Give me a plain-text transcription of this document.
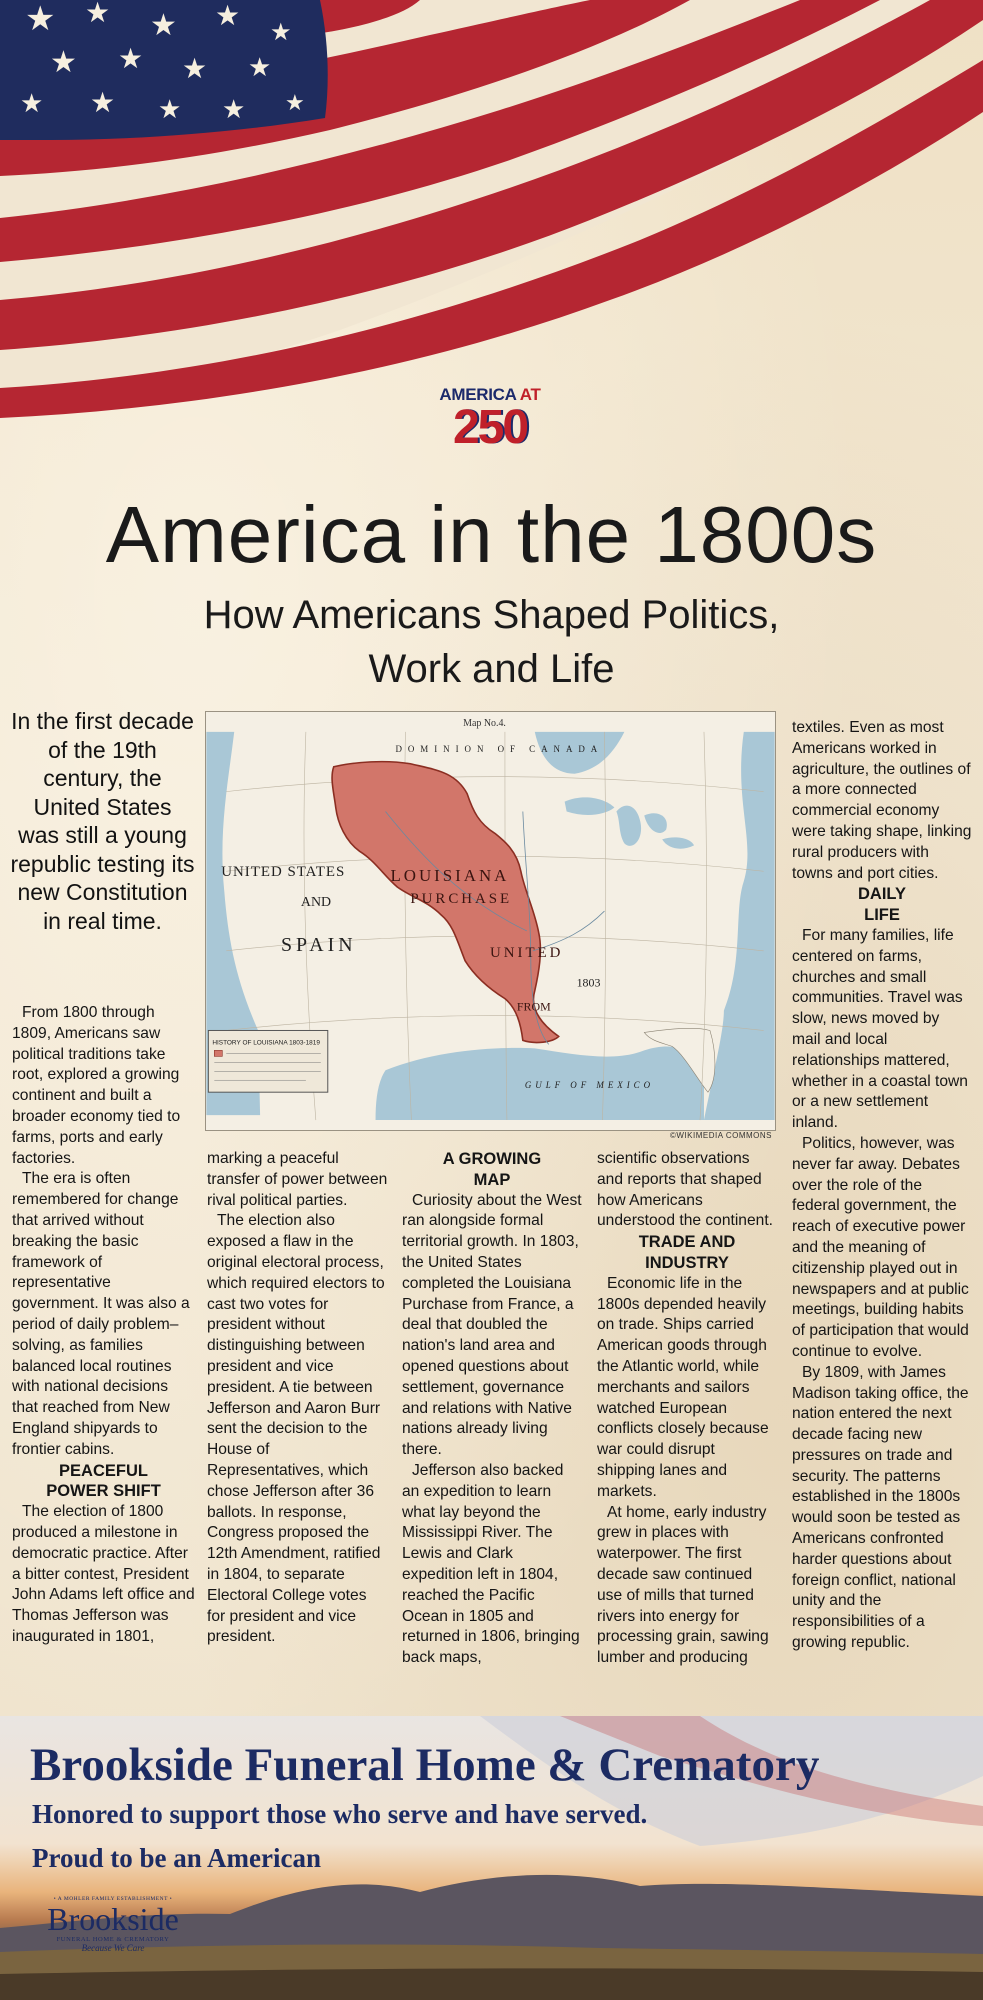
AMERICA AT
250
America in the 1800s
How Americans Shaped Politics,
Work and Life
In the first decade of the 19th century, the United States was still a young republic testing its new Constitution in real time.
Map No.4.
UNITED STATES
AND
SPAIN
LOUISIANA
PURCHASE
UNITED
FROM
1803
DOMINION OF CANADA
GULF OF MEXICO
HISTORY OF LOUISIANA 1803-1819
©WIKIMEDIA COMMONS

From 1800 through 1809, Americans saw political traditions take root, explored a growing continent and built a broader economy tied to farms, ports and early factories.

The era is often remembered for change that arrived without breaking the basic framework of representative government. It was also a period of daily problem–solving, as families balanced local routines with national decisions that reached from New England shipyards to frontier cabins.

PEACEFUL POWER SHIFT

The election of 1800 produced a milestone in democratic practice. After a bitter contest, President John Adams left office and Thomas Jefferson was inaugurated in 1801,

marking a peaceful transfer of power between rival political parties.

The election also exposed a flaw in the original electoral process, which required electors to cast two votes for president without distinguishing between president and vice president. A tie between Jefferson and Aaron Burr sent the decision to the House of Representatives, which chose Jefferson after 36 ballots. In response, Congress proposed the 12th Amendment, ratified in 1804, to separate Electoral College votes for president and vice president.

A GROWING MAP

Curiosity about the West ran alongside formal territorial growth. In 1803, the United States completed the Louisiana Purchase from France, a deal that doubled the nation's land area and opened questions about settlement, governance and relations with Native nations already living there.

Jefferson also backed an expedition to learn what lay beyond the Mississippi River. The Lewis and Clark expedition left in 1804, reached the Pacific Ocean in 1805 and returned in 1806, bringing back maps,

scientific observations and reports that shaped how Americans understood the continent.

TRADE AND INDUSTRY

Economic life in the 1800s depended heavily on trade. Ships carried American goods through the Atlantic world, while merchants and sailors watched European conflicts closely because war could disrupt shipping lanes and markets.

At home, early industry grew in places with waterpower. The first decade saw continued use of mills that turned rivers into energy for processing grain, sawing lumber and producing

textiles. Even as most Americans worked in agriculture, the outlines of a more connected commercial economy were taking shape, linking rural producers with towns and port cities.

DAILY LIFE

For many families, life centered on farms, churches and small communities. Travel was slow, news moved by mail and local relationships mattered, whether in a coastal town or a new settlement inland.

Politics, however, was never far away. Debates over the role of the federal government, the reach of executive power and the meaning of citizenship played out in newspapers and at public meetings, building habits of participation that would continue to evolve.

By 1809, with James Madison taking office, the nation entered the next decade facing new pressures on trade and security. The patterns established in the 1800s would soon be tested as Americans confronted harder questions about foreign conflict, national unity and the responsibilities of a growing republic.

Brookside Funeral Home & Crematory
Honored to support those who serve and have served.
Proud to be an American
• A MOHLER FAMILY ESTABLISHMENT •
Brookside
FUNERAL HOME & CREMATORY
Because We Care
